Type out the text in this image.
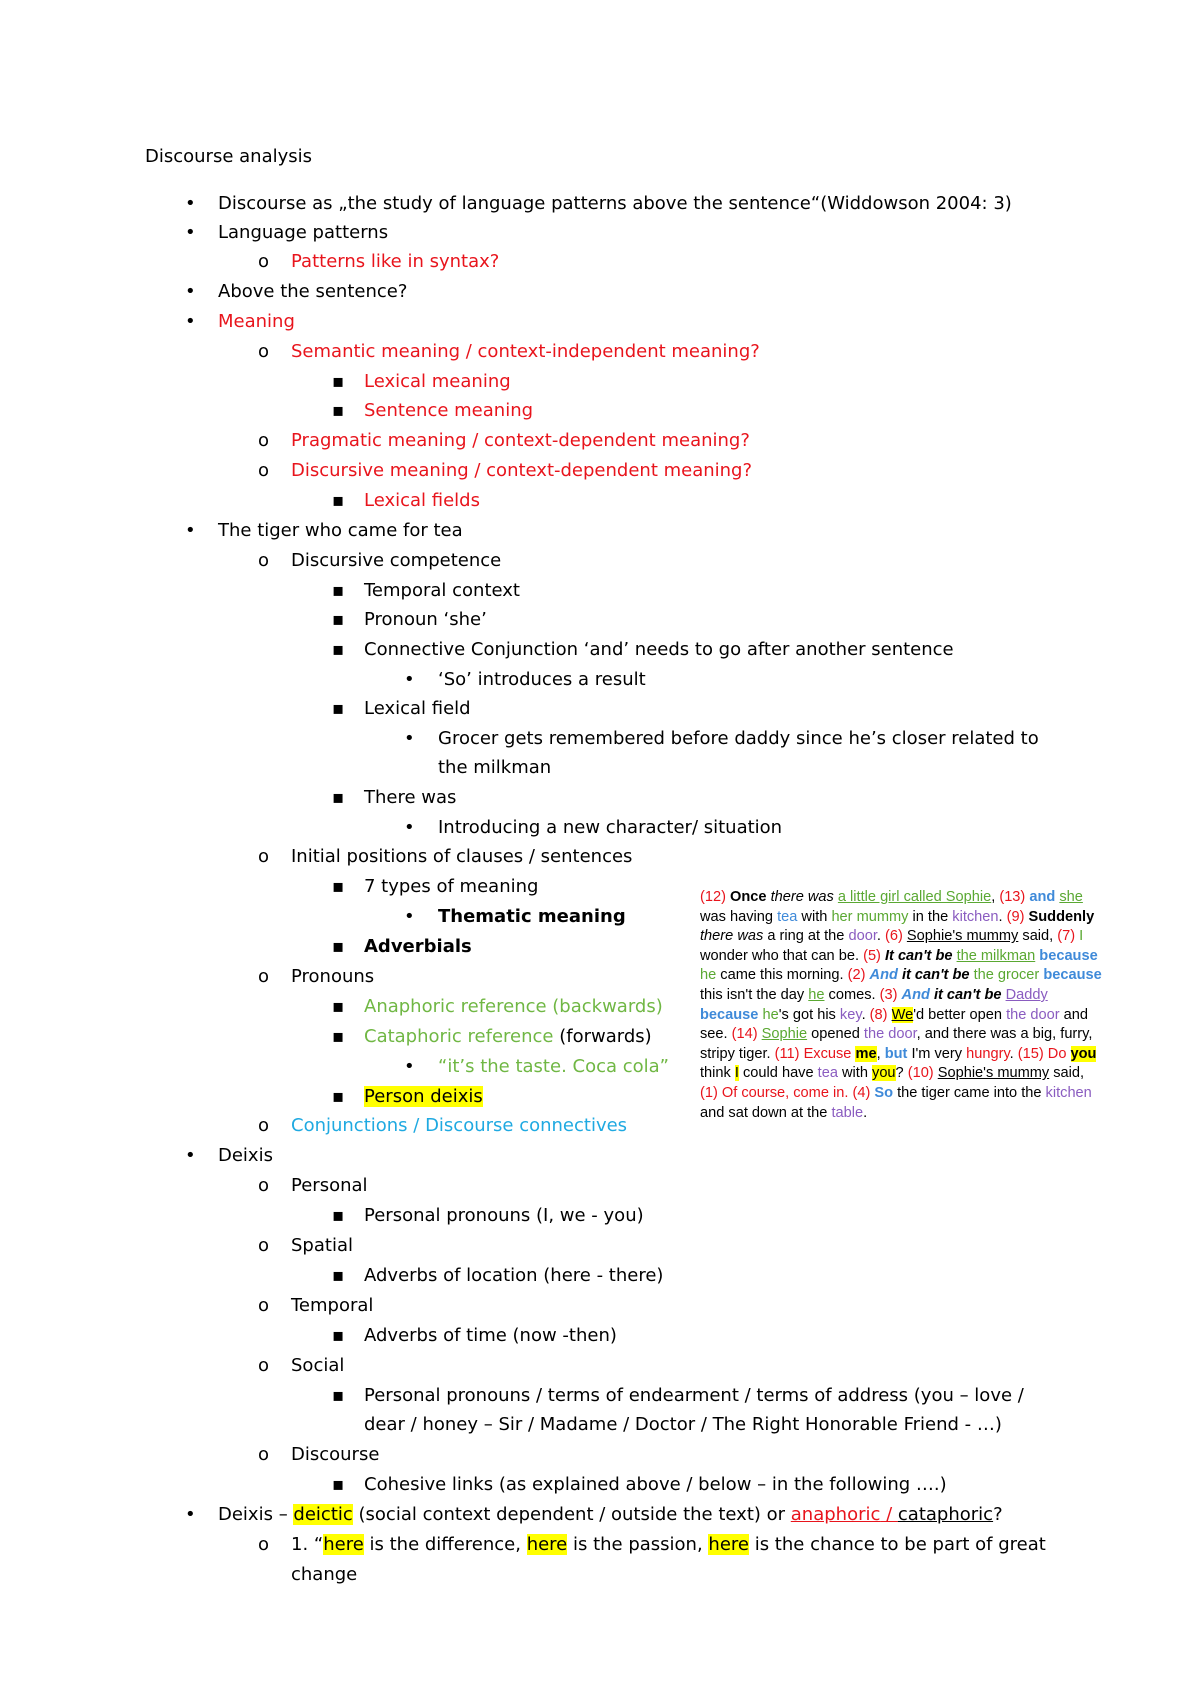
Discourse analysis
• Discourse as „the study of language patterns above the sentence“(Widdowson 2004: 3)
• Language patterns
o Patterns like in syntax?
• Above the sentence?
• Meaning
o Semantic meaning / context-independent meaning?
▪ Lexical meaning
▪ Sentence meaning
o Pragmatic meaning / context-dependent meaning?
o Discursive meaning / context-dependent meaning?
▪ Lexical fields
• The tiger who came for tea
o Discursive competence
▪ Temporal context
▪ Pronoun ‘she’
▪ Connective Conjunction ‘and’ needs to go after another sentence
• ‘So’ introduces a result
▪ Lexical field
• Grocer gets remembered before daddy since he’s closer related to
the milkman
▪ There was
• Introducing a new character/ situation
o Initial positions of clauses / sentences
▪ 7 types of meaning
• Thematic meaning
▪ Adverbials
o Pronouns
▪ Anaphoric reference (backwards)
▪ Cataphoric reference (forwards)
• “it’s the taste. Coca cola”
▪ Person deixis
o Conjunctions / Discourse connectives
• Deixis
o Personal
▪ Personal pronouns (I, we - you)
o Spatial
▪ Adverbs of location (here - there)
o Temporal
▪ Adverbs of time (now -then)
o Social
▪ Personal pronouns / terms of endearment / terms of address (you – love /
dear / honey – Sir / Madame / Doctor / The Right Honorable Friend - …)
o Discourse
▪ Cohesive links (as explained above / below – in the following ….)
• Deixis – deictic (social context dependent / outside the text) or anaphoric / cataphoric?
o 1. “here is the difference, here is the passion, here is the chance to be part of great
change
(12) Once there was a little girl called Sophie, (13) and she
was having tea with her mummy in the kitchen. (9) Suddenly
there was a ring at the door. (6) Sophie's mummy said, (7) I
wonder who that can be. (5) It can't be the milkman because
he came this morning. (2) And it can't be the grocer because
this isn't the day he comes. (3) And it can't be Daddy
because he's got his key. (8) We'd better open the door and
see. (14) Sophie opened the door, and there was a big, furry,
stripy tiger. (11) Excuse me, but I'm very hungry. (15) Do you
think I could have tea with you? (10) Sophie's mummy said,
(1) Of course, come in. (4) So the tiger came into the kitchen
and sat down at the table.
